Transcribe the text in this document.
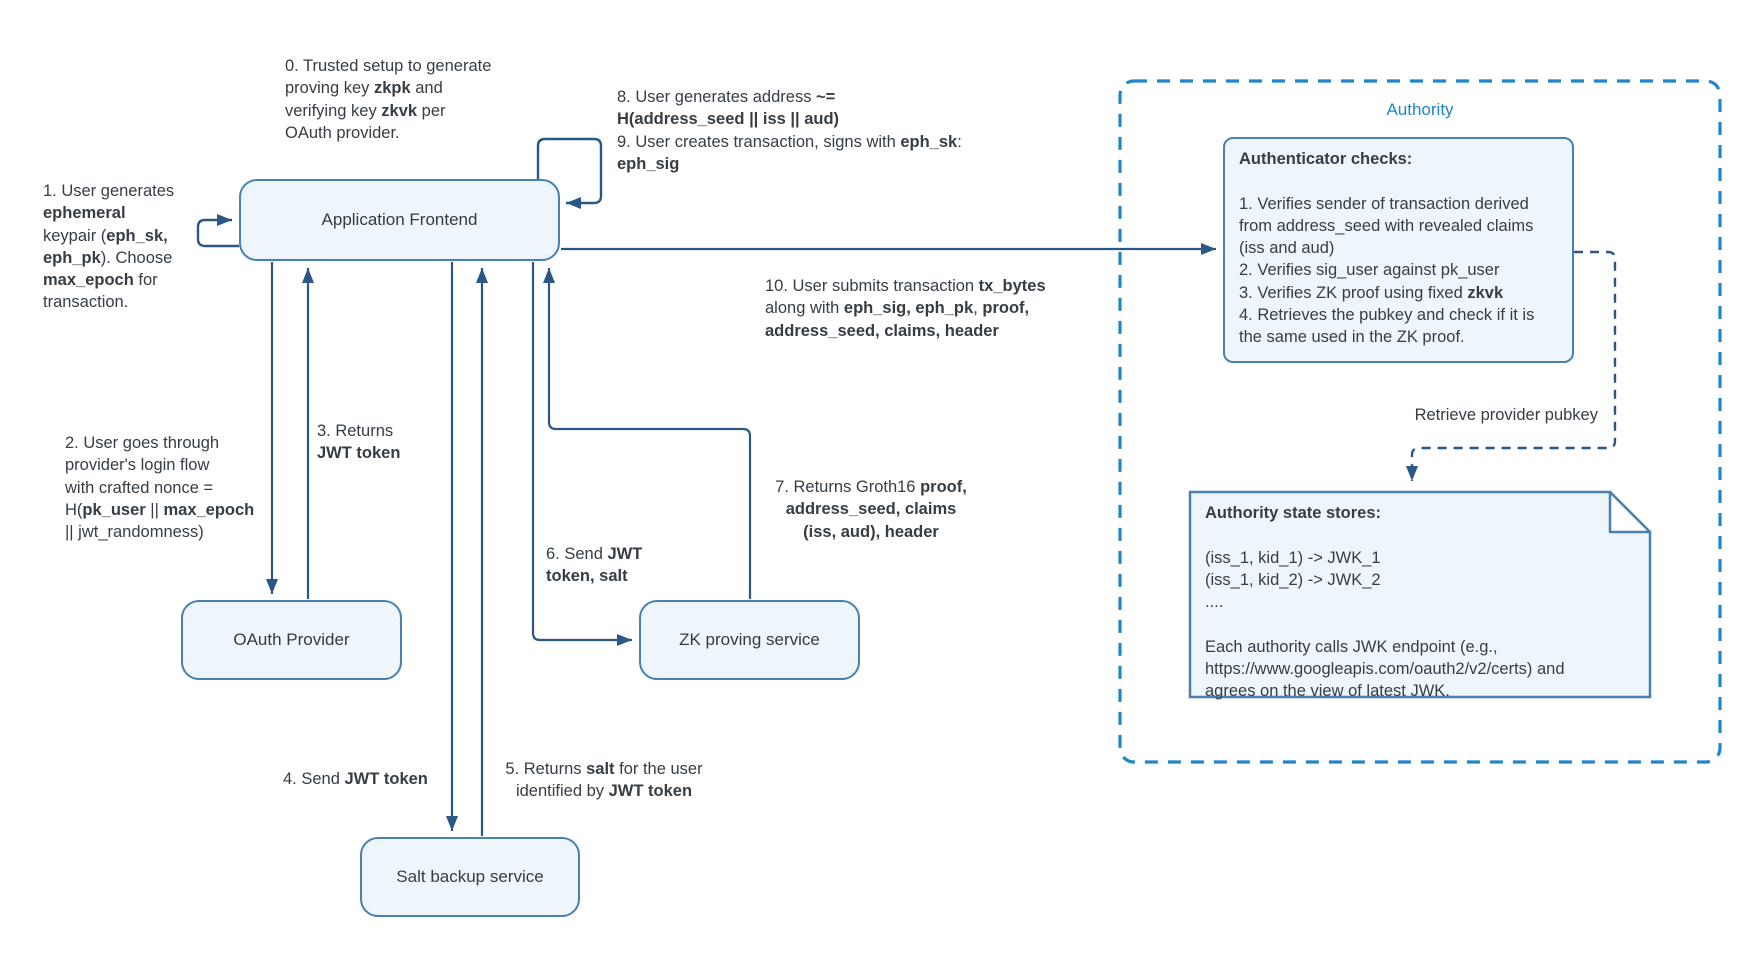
Authority
Application Frontend
OAuth Provider	ZK proving service
Salt backup service
0. Trusted setup to generate
proving key zkpk and
verifying key zkvk per
OAuth provider.
1. User generates
ephemeral
keypair (eph_sk,
eph_pk). Choose
max_epoch for
transaction.
8. User generates address ~=
H(address_seed || iss || aud)
9. User creates transaction, signs with eph_sk:
eph_sig
10. User submits transaction tx_bytes
along with eph_sig, eph_pk, proof,
address_seed, claims, header
2. User goes through
provider's login flow
with crafted nonce =
H(pk_user || max_epoch
|| jwt_randomness)
3. Returns
JWT token
4. Send JWT token
5. Returns salt for the user
identified by JWT token
6. Send JWT
token, salt
7. Returns Groth16 proof,
address_seed, claims
(iss, aud), header
Retrieve provider pubkey
Authenticator checks:

1. Verifies sender of transaction derived
from address_seed with revealed claims
(iss and aud)
2. Verifies sig_user against pk_user
3. Verifies ZK proof using fixed zkvk
4. Retrieves the pubkey and check if it is
the same used in the ZK proof.
Authority state stores:

(iss_1, kid_1) -> JWK_1
(iss_1, kid_2) -> JWK_2
....

Each authority calls JWK endpoint (e.g.,
https://www.googleapis.com/oauth2/v2/certs) and
agrees on the view of latest JWK.
